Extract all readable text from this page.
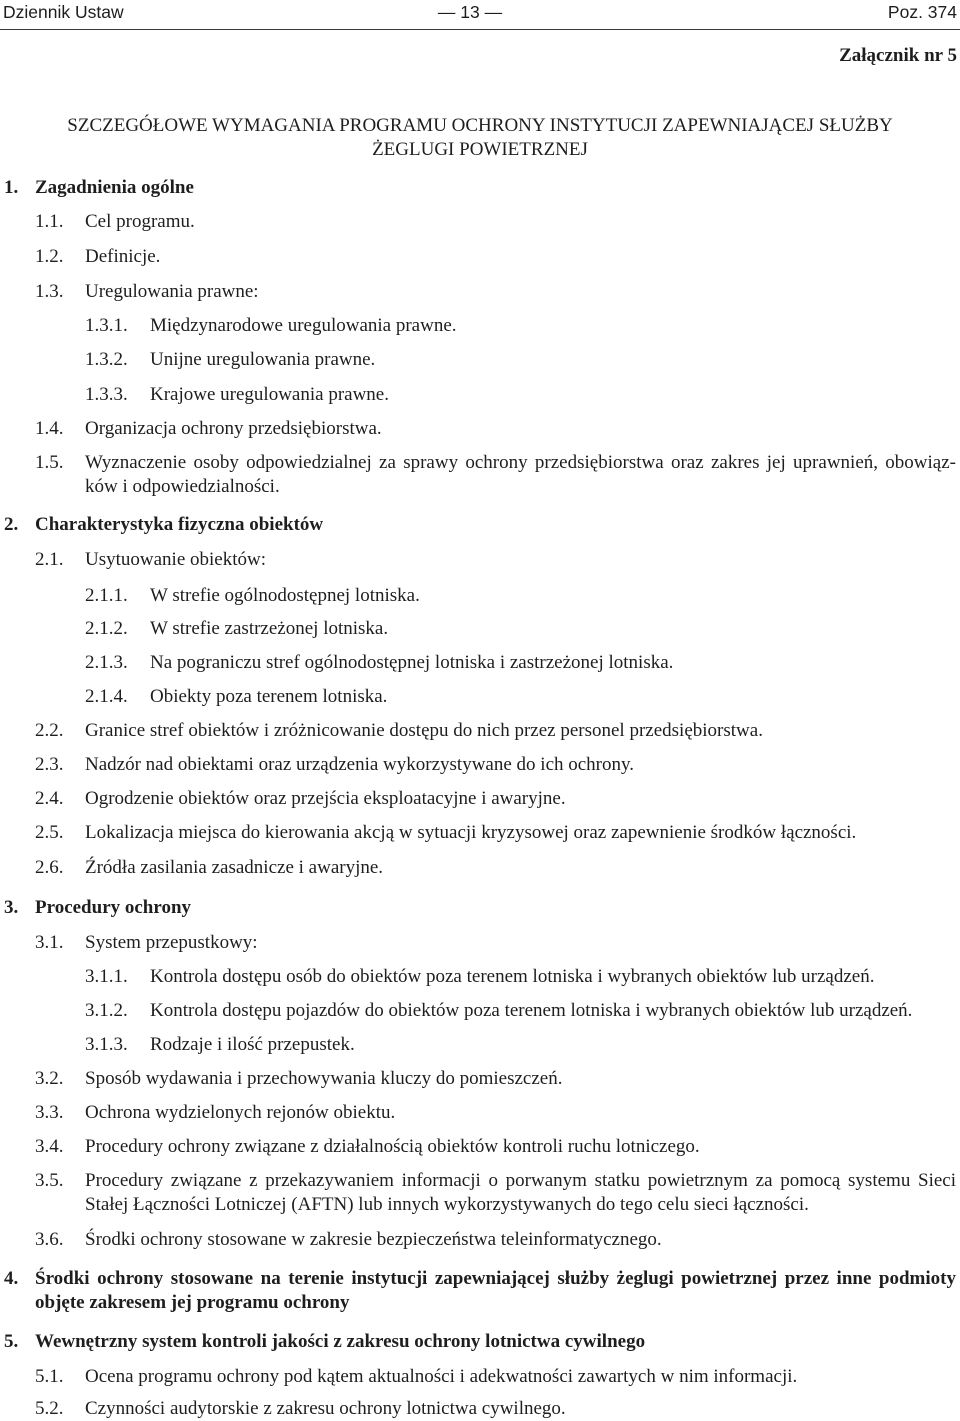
Dziennik Ustaw	— 13 —	Poz. 374
Załącznik nr 5
SZCZEGÓŁOWE WYMAGANIA PROGRAMU OCHRONY INSTYTUCJI ZAPEWNIAJĄCEJ SŁUŻBY
ŻEGLUGI POWIETRZNEJ
1. Zagadnienia ogólne
1.1. Cel programu.
1.2. Definicje.
1.3. Uregulowania prawne:
1.3.1. Międzynarodowe uregulowania prawne.
1.3.2. Unijne uregulowania prawne.
1.3.3. Krajowe uregulowania prawne.
1.4. Organizacja ochrony przedsiębiorstwa.
1.5. Wyznaczenie osoby odpowiedzialnej za sprawy ochrony przedsiębiorstwa oraz zakres jej uprawnień, obowiąz-
ków i odpowiedzialności.
2. Charakterystyka fizyczna obiektów
2.1. Usytuowanie obiektów:
2.1.1. W strefie ogólnodostępnej lotniska.
2.1.2. W strefie zastrzeżonej lotniska.
2.1.3. Na pograniczu stref ogólnodostępnej lotniska i zastrzeżonej lotniska.
2.1.4. Obiekty poza terenem lotniska.
2.2. Granice stref obiektów i zróżnicowanie dostępu do nich przez personel przedsiębiorstwa.
2.3. Nadzór nad obiektami oraz urządzenia wykorzystywane do ich ochrony.
2.4. Ogrodzenie obiektów oraz przejścia eksploatacyjne i awaryjne.
2.5. Lokalizacja miejsca do kierowania akcją w sytuacji kryzysowej oraz zapewnienie środków łączności.
2.6. Źródła zasilania zasadnicze i awaryjne.
3. Procedury ochrony
3.1. System przepustkowy:
3.1.1. Kontrola dostępu osób do obiektów poza terenem lotniska i wybranych obiektów lub urządzeń.
3.1.2. Kontrola dostępu pojazdów do obiektów poza terenem lotniska i wybranych obiektów lub urządzeń.
3.1.3. Rodzaje i ilość przepustek.
3.2. Sposób wydawania i przechowywania kluczy do pomieszczeń.
3.3. Ochrona wydzielonych rejonów obiektu.
3.4. Procedury ochrony związane z działalnością obiektów kontroli ruchu lotniczego.
3.5. Procedury związane z przekazywaniem informacji o porwanym statku powietrznym za pomocą systemu Sieci
Stałej Łączności Lotniczej (AFTN) lub innych wykorzystywanych do tego celu sieci łączności.
3.6. Środki ochrony stosowane w zakresie bezpieczeństwa teleinformatycznego.
4. Środki ochrony stosowane na terenie instytucji zapewniającej służby żeglugi powietrznej przez inne podmioty
objęte zakresem jej programu ochrony
5. Wewnętrzny system kontroli jakości z zakresu ochrony lotnictwa cywilnego
5.1. Ocena programu ochrony pod kątem aktualności i adekwatności zawartych w nim informacji.
5.2. Czynności audytorskie z zakresu ochrony lotnictwa cywilnego.
